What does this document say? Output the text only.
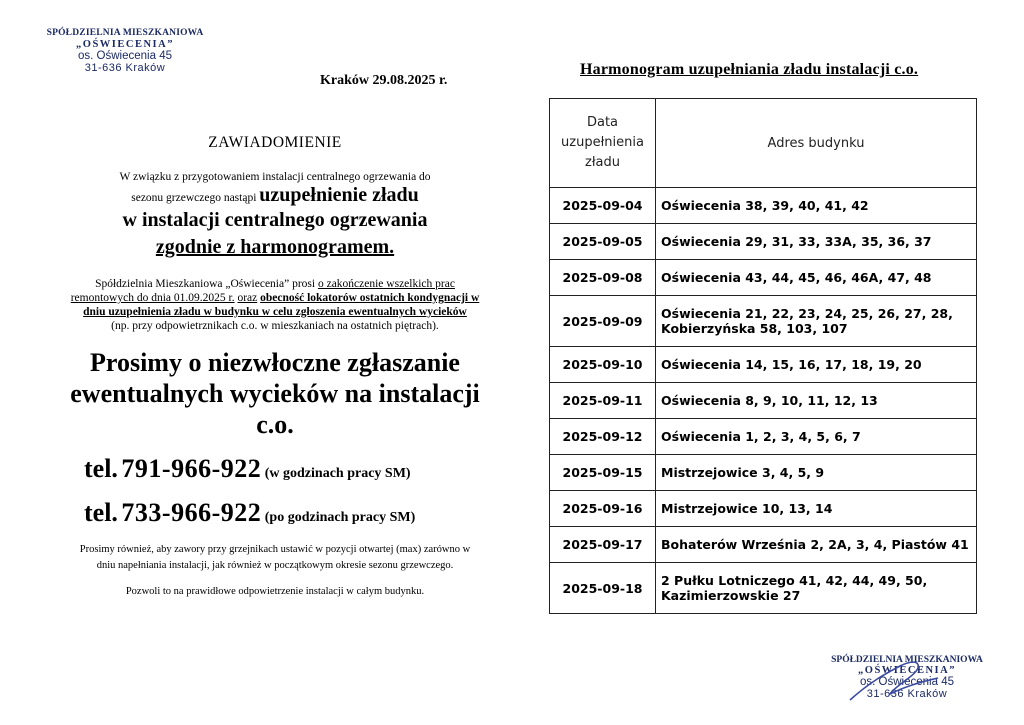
SPÓŁDZIELNIA MIESZKANIOWA
„OŚWIECENIA”
os. Oświecenia 45
31-636 Kraków
Kraków 29.08.2025 r.
ZAWIADOMIENIE
W związku z przygotowaniem instalacji centralnego ogrzewania do
sezonu grzewczego nastąpi uzupełnienie zładu
w instalacji centralnego ogrzewania
zgodnie z harmonogramem.
Spółdzielnia Mieszkaniowa „Oświecenia” prosi o zakończenie wszelkich prac remontowych do dnia 01.09.2025 r. oraz obecność lokatorów ostatnich kondygnacji w dniu uzupełnienia zładu w budynku w celu zgłoszenia ewentualnych wycieków
(np. przy odpowietrznikach c.o. w mieszkaniach na ostatnich piętrach).
Prosimy o niezwłoczne zgłaszanie ewentualnych wycieków na instalacji c.o.
tel. 791-966-922 (w godzinach pracy SM)
tel. 733-966-922 (po godzinach pracy SM)
Prosimy również, aby zawory przy grzejnikach ustawić w pozycji otwartej (max) zarówno w dniu napełniania instalacji, jak również w początkowym okresie sezonu grzewczego.
Pozwoli to na prawidłowe odpowietrzenie instalacji w całym budynku.
Harmonogram uzupełniania zładu instalacji c.o.
Data uzupełnienia zładu	Adres budynku
2025-09-04	Oświecenia 38, 39, 40, 41, 42
2025-09-05	Oświecenia 29, 31, 33, 33A, 35, 36, 37
2025-09-08	Oświecenia 43, 44, 45, 46, 46A, 47, 48
2025-09-09	Oświecenia 21, 22, 23, 24, 25, 26, 27, 28, Kobierzyńska 58, 103, 107
2025-09-10	Oświecenia 14, 15, 16, 17, 18, 19, 20
2025-09-11	Oświecenia 8, 9, 10, 11, 12, 13
2025-09-12	Oświecenia 1, 2, 3, 4, 5, 6, 7
2025-09-15	Mistrzejowice 3, 4, 5, 9
2025-09-16	Mistrzejowice 10, 13, 14
2025-09-17	Bohaterów Września 2, 2A, 3, 4, Piastów 41
2025-09-18	2 Pułku Lotniczego 41, 42, 44, 49, 50, Kazimierzowskie 27
SPÓŁDZIELNIA MIESZKANIOWA
„OŚWIECENIA”
os. Oświecenia 45
31-636 Kraków
